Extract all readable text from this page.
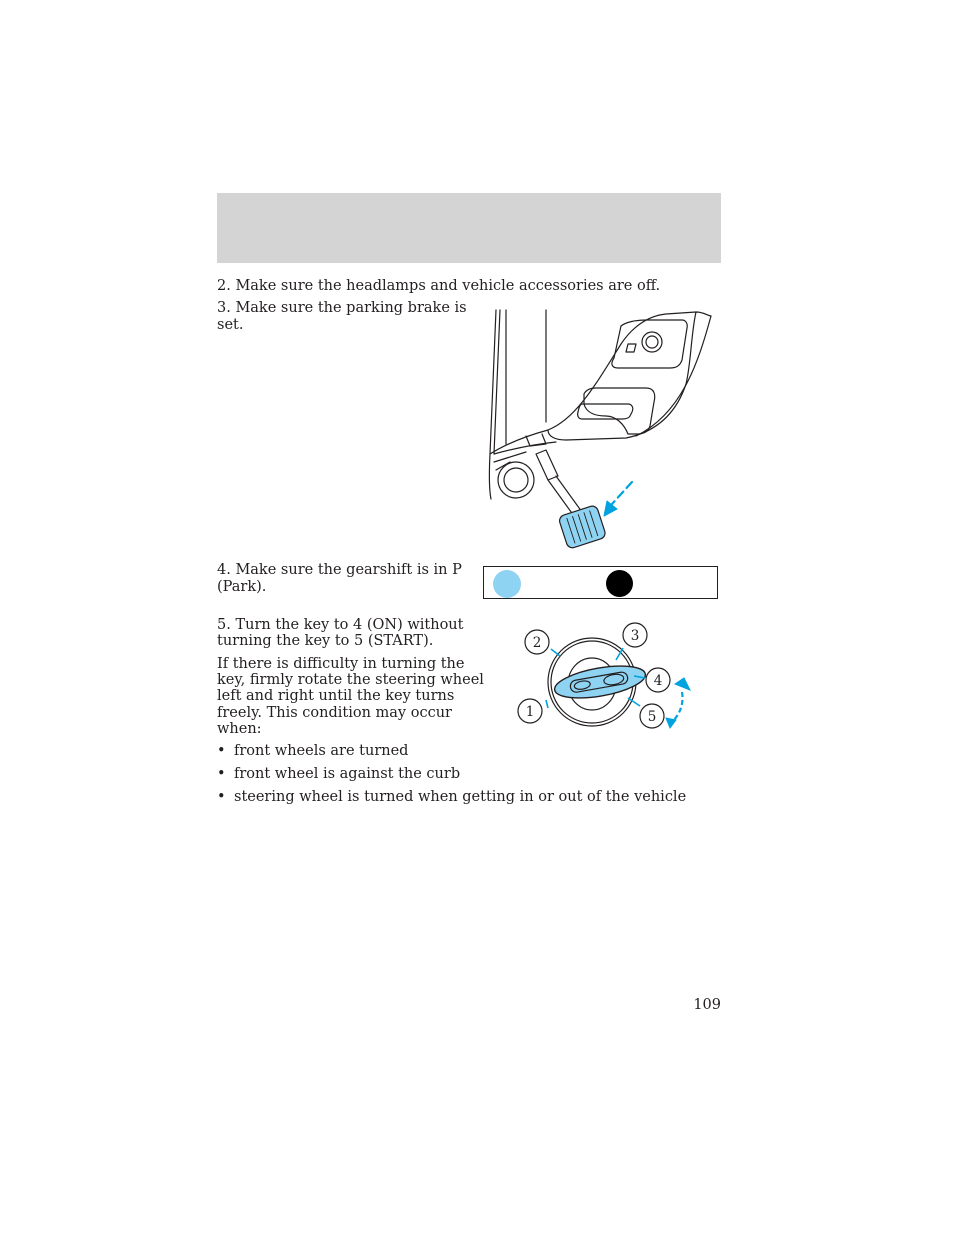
2. Make sure the headlamps and vehicle accessories are off.

3. Make sure the parking brake is

set.

4. Make sure the gearshift is in P

(Park).

5. Turn the key to 4 (ON) without

turning the key to 5 (START).

If there is difficulty in turning the

key, firmly rotate the steering wheel

left and right until the key turns

freely. This condition may occur

when:

1
2	3
4
5

• front wheels are turned

• front wheel is against the curb

• steering wheel is turned when getting in or out of the vehicle

109
